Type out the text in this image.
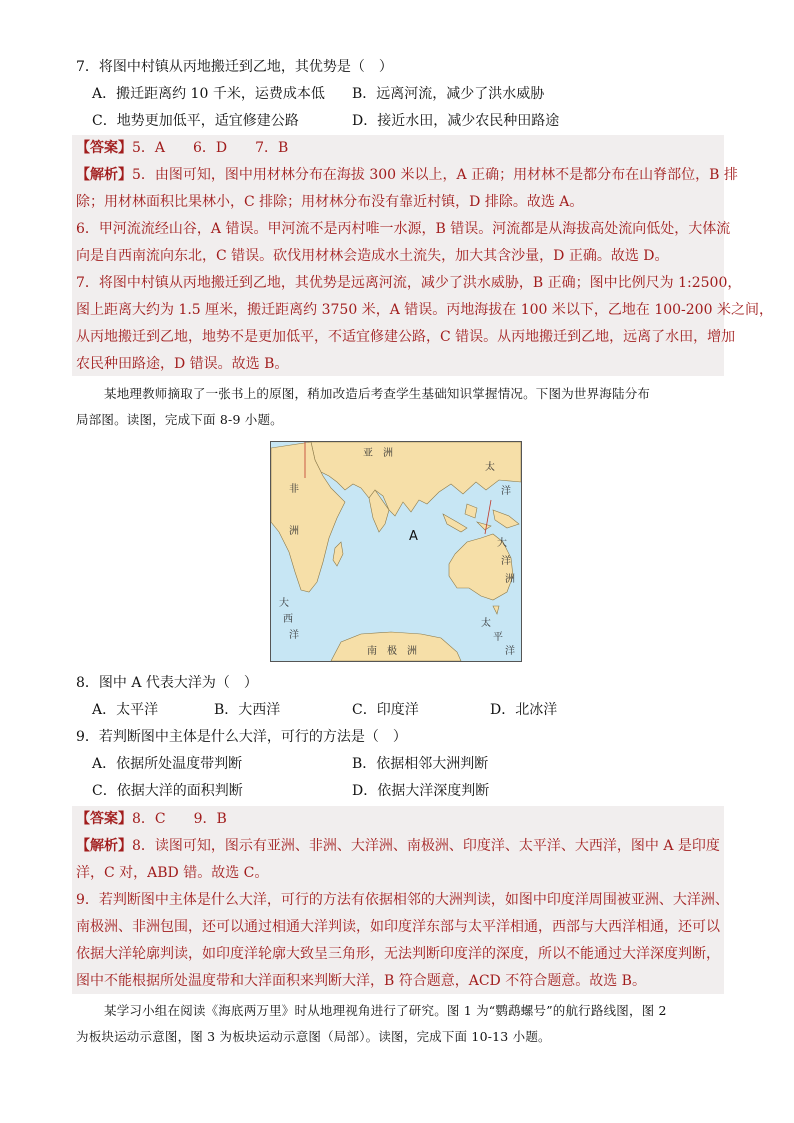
7．将图中村镇从丙地搬迁到乙地，其优势是（　）
A．搬迁距离约 10 千米，运费成本低 B．远离河流，减少了洪水威胁
C．地势更加低平，适宜修建公路	D．接近水田，减少农民种田路途
【答案】5．A　　6．D　　7．B
【解析】5．由图可知，图中用材林分布在海拔 300 米以上，A 正确；用材林不是都分布在山脊部位，B 排
除；用材林面积比果林小，C 排除；用材林分布没有靠近村镇，D 排除。故选 A。
6．甲河流流经山谷，A 错误。甲河流不是丙村唯一水源，B 错误。河流都是从海拔高处流向低处，大体流
向是自西南流向东北，C 错误。砍伐用材林会造成水土流失，加大其含沙量，D 正确。故选 D。
7．将图中村镇从丙地搬迁到乙地，其优势是远离河流，减少了洪水威胁，B 正确；图中比例尺为 1:2500，
图上距离大约为 1.5 厘米，搬迁距离约 3750 米，A 错误。丙地海拔在 100 米以下，乙地在 100-200 米之间，
从丙地搬迁到乙地，地势不是更加低平，不适宜修建公路，C 错误。从丙地搬迁到乙地，远离了水田，增加
农民种田路途，D 错误。故选 B。
某地理教师摘取了一张书上的原图，稍加改造后考查学生基础知识掌握情况。下图为世界海陆分布
局部图。读图，完成下面 8-9 小题。
亚　洲
非
洲	A
大
西
洋
大
洋
洲
太
洋
南　极　洲
太
平
洋
8．图中 A 代表大洋为（　）
A．太平洋	B．大西洋	C．印度洋	D．北冰洋
9．若判断图中主体是什么大洋，可行的方法是（　）
A．依据所处温度带判断	B．依据相邻大洲判断
C．依据大洋的面积判断	D．依据大洋深度判断
【答案】8．C　　9．B
【解析】8．读图可知，图示有亚洲、非洲、大洋洲、南极洲、印度洋、太平洋、大西洋，图中 A 是印度
洋，C 对，ABD 错。故选 C。
9．若判断图中主体是什么大洋，可行的方法有依据相邻的大洲判读，如图中印度洋周围被亚洲、大洋洲、
南极洲、非洲包围，还可以通过相通大洋判读，如印度洋东部与太平洋相通，西部与大西洋相通，还可以
依据大洋轮廓判读，如印度洋轮廓大致呈三角形，无法判断印度洋的深度，所以不能通过大洋深度判断，
图中不能根据所处温度带和大洋面积来判断大洋，B 符合题意，ACD 不符合题意。故选 B。
某学习小组在阅读《海底两万里》时从地理视角进行了研究。图 1 为“鹦鹉螺号”的航行路线图，图 2
为板块运动示意图，图 3 为板块运动示意图（局部）。读图，完成下面 10-13 小题。
